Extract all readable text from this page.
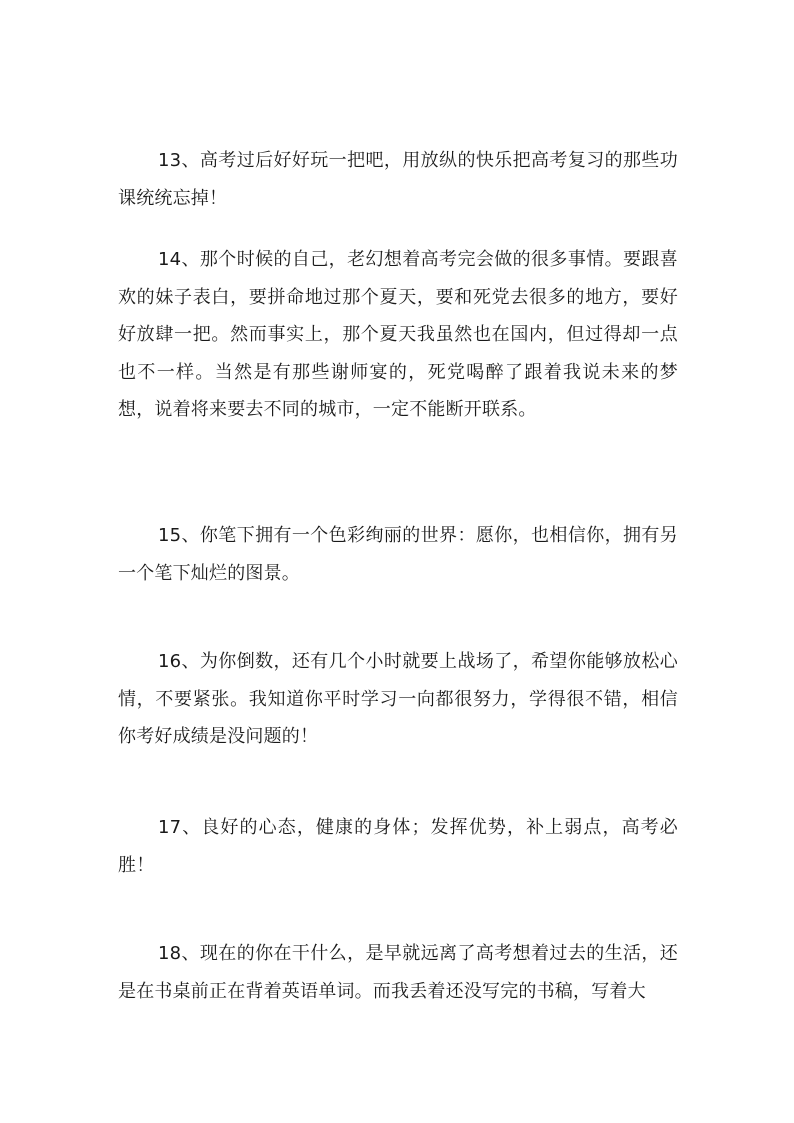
13、高考过后好好玩一把吧，用放纵的快乐把高考复习的那些功课统统忘掉！

14、那个时候的自己，老幻想着高考完会做的很多事情。要跟喜欢的妹子表白，要拼命地过那个夏天，要和死党去很多的地方，要好好放肆一把。然而事实上，那个夏天我虽然也在国内，但过得却一点也不一样。当然是有那些谢师宴的，死党喝醉了跟着我说未来的梦想，说着将来要去不同的城市，一定不能断开联系。

15、你笔下拥有一个色彩绚丽的世界：愿你，也相信你，拥有另一个笔下灿烂的图景。

16、为你倒数，还有几个小时就要上战场了，希望你能够放松心情，不要紧张。我知道你平时学习一向都很努力，学得很不错，相信你考好成绩是没问题的！

17、良好的心态，健康的身体；发挥优势，补上弱点，高考必胜！

18、现在的你在干什么，是早就远离了高考想着过去的生活，还是在书桌前正在背着英语单词。而我丢着还没写完的书稿，写着大
